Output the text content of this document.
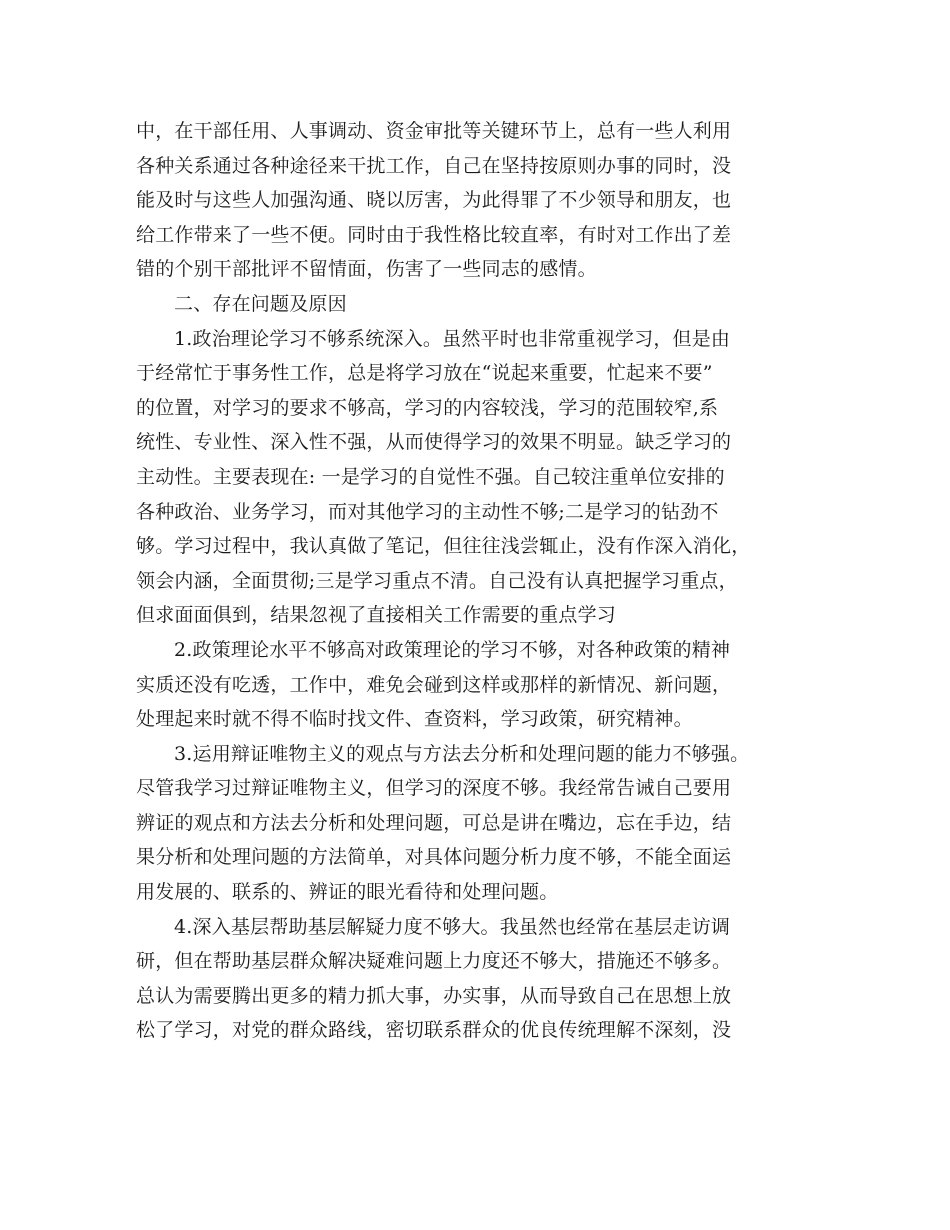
中，在干部任用、人事调动、资金审批等关键环节上，总有一些人利用
各种关系通过各种途径来干扰工作，自己在坚持按原则办事的同时，没
能及时与这些人加强沟通、晓以厉害，为此得罪了不少领导和朋友，也
给工作带来了一些不便。同时由于我性格比较直率，有时对工作出了差
错的个别干部批评不留情面，伤害了一些同志的感情。
二、存在问题及原因
1.政治理论学习不够系统深入。虽然平时也非常重视学习，但是由
于经常忙于事务性工作，总是将学习放在“说起来重要，忙起来不要”
的位置，对学习的要求不够高，学习的内容较浅，学习的范围较窄,系
统性、专业性、深入性不强，从而使得学习的效果不明显。缺乏学习的
主动性。主要表现在: 一是学习的自觉性不强。自己较注重单位安排的
各种政治、业务学习，而对其他学习的主动性不够;二是学习的钻劲不
够。学习过程中，我认真做了笔记，但往往浅尝辄止，没有作深入消化，
领会内涵，全面贯彻;三是学习重点不清。自己没有认真把握学习重点，
但求面面俱到，结果忽视了直接相关工作需要的重点学习
2.政策理论水平不够高对政策理论的学习不够，对各种政策的精神
实质还没有吃透，工作中，难免会碰到这样或那样的新情况、新问题，
处理起来时就不得不临时找文件、查资料，学习政策，研究精神。
3.运用辩证唯物主义的观点与方法去分析和处理问题的能力不够强。
尽管我学习过辩证唯物主义，但学习的深度不够。我经常告诫自己要用
辨证的观点和方法去分析和处理问题，可总是讲在嘴边，忘在手边，结
果分析和处理问题的方法简单，对具体问题分析力度不够，不能全面运
用发展的、联系的、辨证的眼光看待和处理问题。
4.深入基层帮助基层解疑力度不够大。我虽然也经常在基层走访调
研，但在帮助基层群众解决疑难问题上力度还不够大，措施还不够多。
总认为需要腾出更多的精力抓大事，办实事，从而导致自己在思想上放
松了学习，对党的群众路线，密切联系群众的优良传统理解不深刻，没
